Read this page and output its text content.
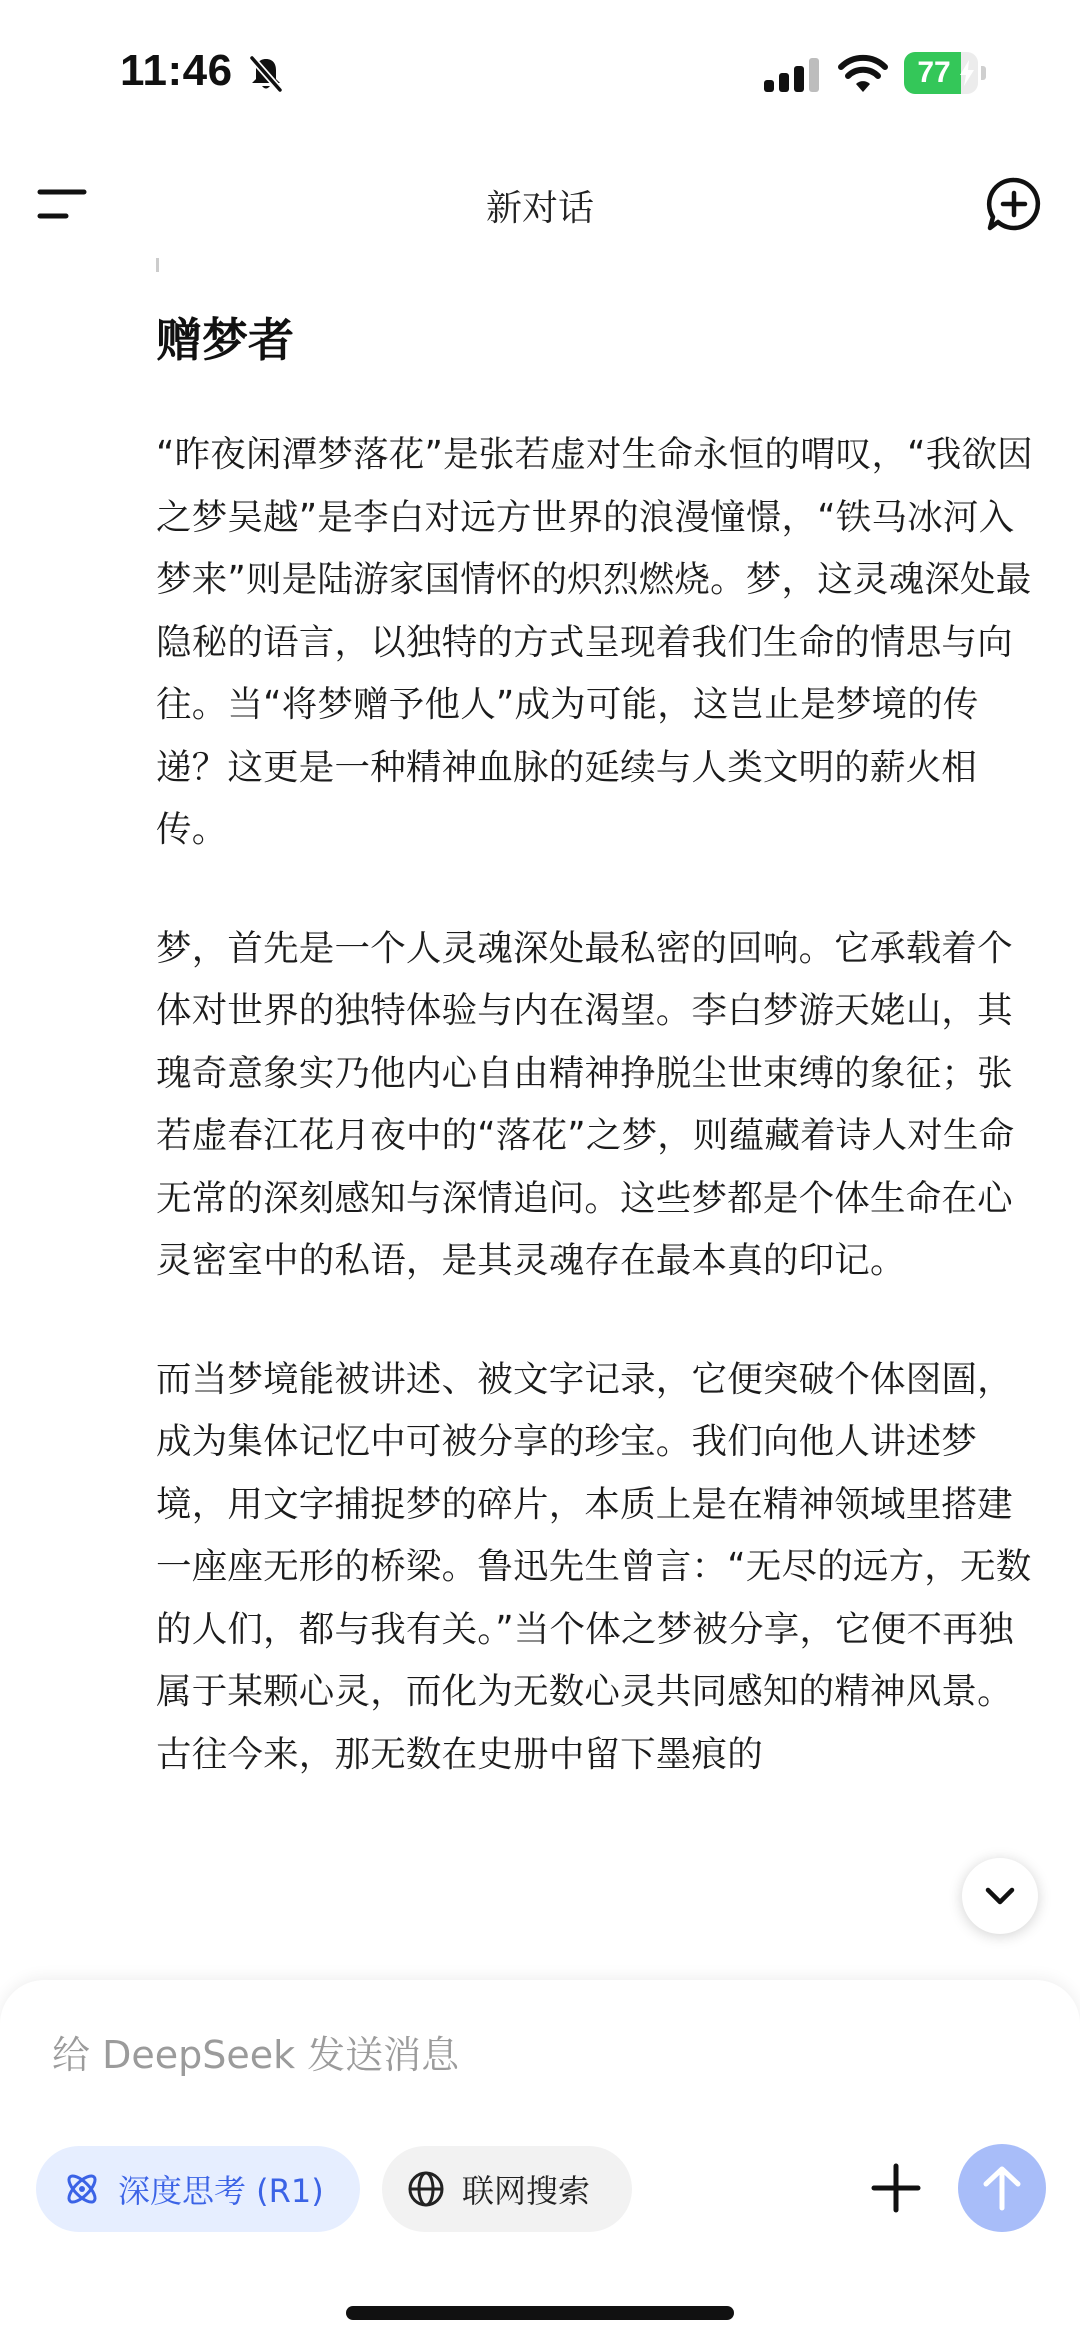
11:46	77
新对话
赠梦者

“昨夜闲潭梦落花”是张若虚对生命永恒的喟叹，“我欲因之梦吴越”是李白对远方世界的浪漫憧憬，“铁马冰河入梦来”则是陆游家国情怀的炽烈燃烧。梦，这灵魂深处最隐秘的语言，以独特的方式呈现着我们生命的情思与向往。当“将梦赠予他人”成为可能，这岂止是梦境的传递？这更是一种精神血脉的延续与人类文明的薪火相传。

梦，首先是一个人灵魂深处最私密的回响。它承载着个体对世界的独特体验与内在渴望。李白梦游天姥山，其瑰奇意象实乃他内心自由精神挣脱尘世束缚的象征；张若虚春江花月夜中的“落花”之梦，则蕴藏着诗人对生命无常的深刻感知与深情追问。这些梦都是个体生命在心灵密室中的私语，是其灵魂存在最本真的印记。

而当梦境能被讲述、被文字记录，它便突破个体囹圄，成为集体记忆中可被分享的珍宝。我们向他人讲述梦境，用文字捕捉梦的碎片，本质上是在精神领域里搭建一座座无形的桥梁。鲁迅先生曾言：“无尽的远方，无数的人们，都与我有关。”当个体之梦被分享，它便不再独属于某颗心灵，而化为无数心灵共同感知的精神风景。古往今来，那无数在史册中留下墨痕的

给 DeepSeek 发送消息
深度思考 (R1)	联网搜索
